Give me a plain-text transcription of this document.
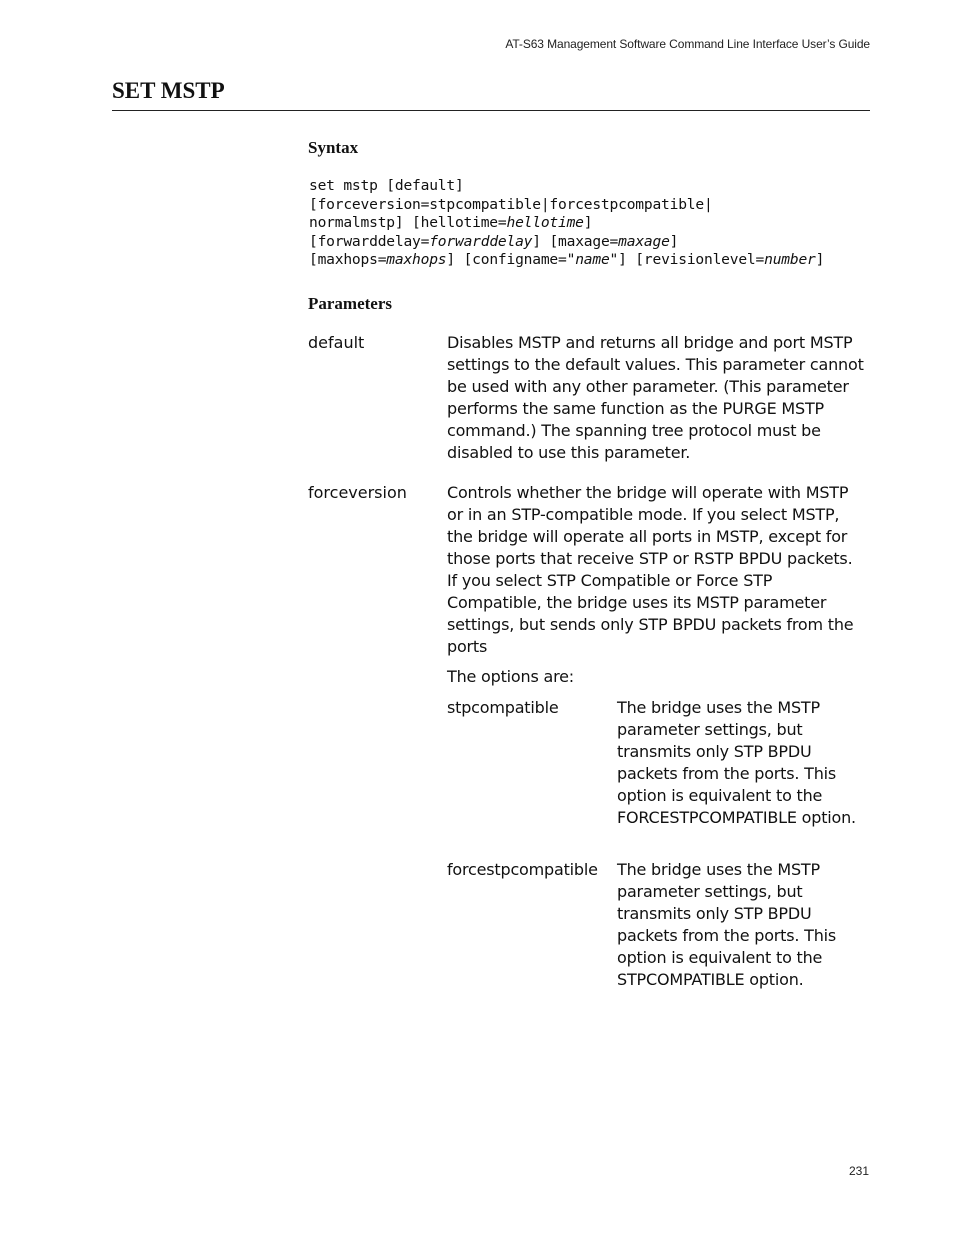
AT-S63 Management Software Command Line Interface User’s Guide
SET MSTP
Syntax
set mstp [default]
[forceversion=stpcompatible|forcestpcompatible|
normalmstp] [hellotime=hellotime]
[forwarddelay=forwarddelay] [maxage=maxage]
[maxhops=maxhops] [configname="name"] [revisionlevel=number]
Parameters
default	Disables MSTP and returns all bridge and port MSTP settings to the default values. This parameter cannot be used with any other parameter. (This parameter performs the same function as the PURGE MSTP command.) The spanning tree protocol must be disabled to use this parameter.
forceversion	Controls whether the bridge will operate with MSTP or in an STP-compatible mode. If you select MSTP, the bridge will operate all ports in MSTP, except for those ports that receive STP or RSTP BPDU packets. If you select STP Compatible or Force STP Compatible, the bridge uses its MSTP parameter settings, but sends only STP BPDU packets from the ports
The options are:
stpcompatible	The bridge uses the MSTP parameter settings, but transmits only STP BPDU packets from the ports. This option is equivalent to the FORCESTPCOMPATIBLE option.
forcestpcompatible The bridge uses the MSTP parameter settings, but transmits only STP BPDU packets from the ports. This option is equivalent to the STPCOMPATIBLE option.
231
